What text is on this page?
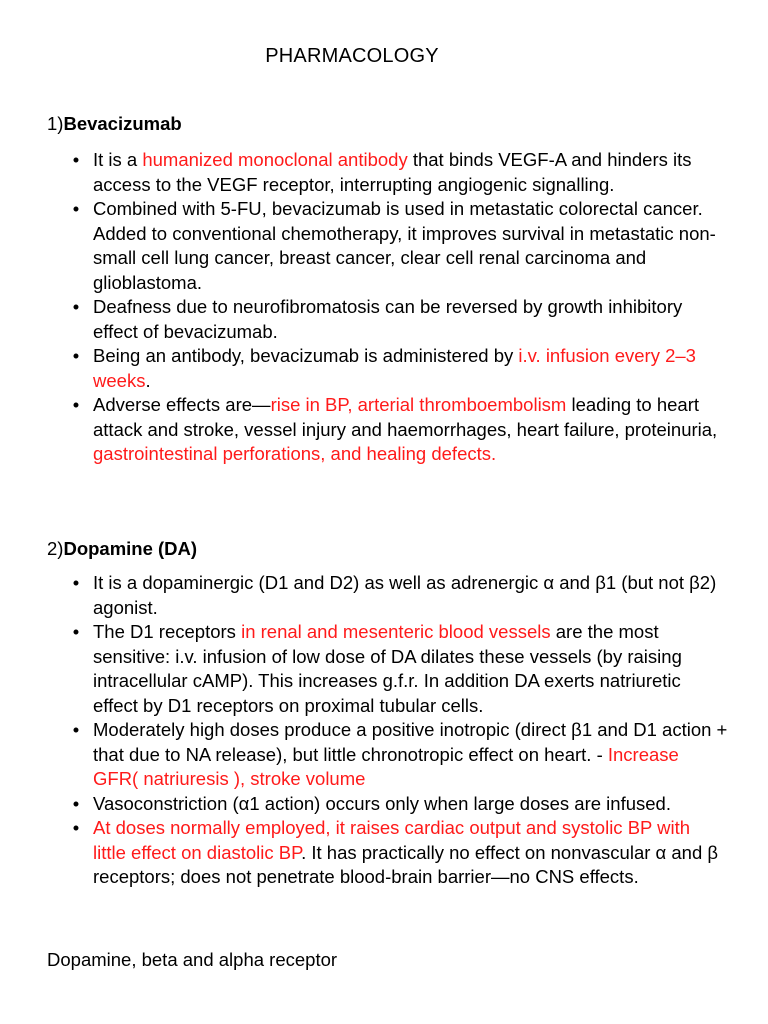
PHARMACOLOGY
1)Bevacizumab
• It is a humanized monoclonal antibody that binds VEGF-A and hinders its access to the VEGF receptor, interrupting angiogenic signalling.
• Combined with 5-FU, bevacizumab is used in metastatic colorectal cancer. Added to conventional chemotherapy, it improves survival in metastatic non-small cell lung cancer, breast cancer, clear cell renal carcinoma and glioblastoma.
• Deafness due to neurofibromatosis can be reversed by growth inhibitory effect of bevacizumab.
• Being an antibody, bevacizumab is administered by i.v. infusion every 2–3 weeks.
• Adverse effects are—rise in BP, arterial thromboembolism leading to heart attack and stroke, vessel injury and haemorrhages, heart failure, proteinuria, gastrointestinal perforations, and healing defects.
2)Dopamine (DA)
• It is a dopaminergic (D1 and D2) as well as adrenergic α and β1 (but not β2) agonist.
• The D1 receptors in renal and mesenteric blood vessels are the most sensitive: i.v. infusion of low dose of DA dilates these vessels (by raising intracellular cAMP). This increases g.f.r. In addition DA exerts natriuretic effect by D1 receptors on proximal tubular cells.
• Moderately high doses produce a positive inotropic (direct β1 and D1 action + that due to NA release), but little chronotropic effect on heart. - Increase GFR( natriuresis ), stroke volume
• Vasoconstriction (α1 action) occurs only when large doses are infused.
• At doses normally employed, it raises cardiac output and systolic BP with little effect on diastolic BP. It has practically no effect on nonvascular α and β receptors; does not penetrate blood-brain barrier—no CNS effects.

Dopamine, beta and alpha receptor
